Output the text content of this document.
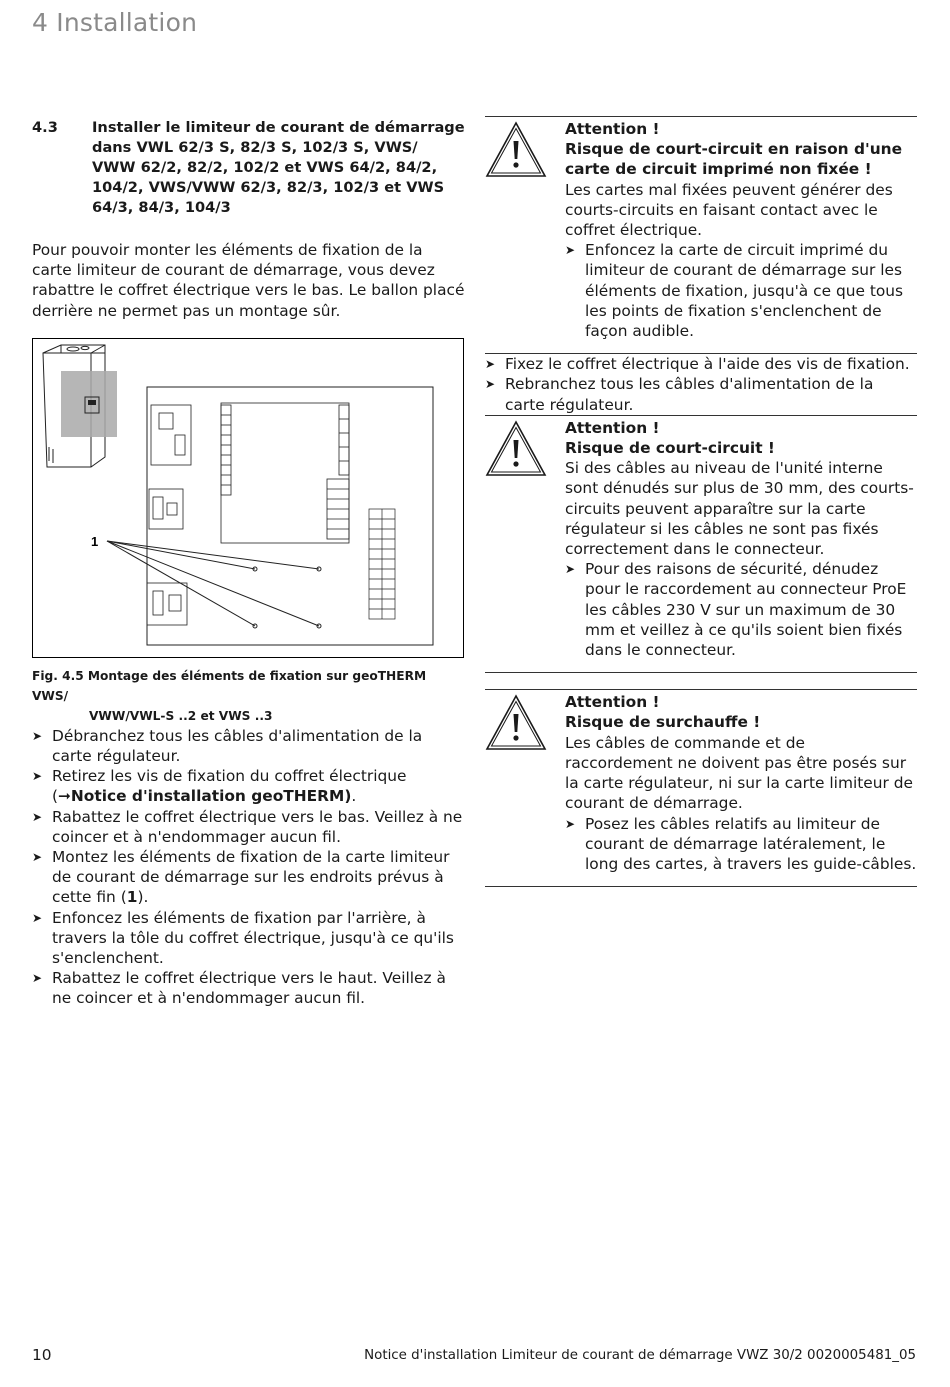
4 Installation
4.3	Installer le limiteur de courant de démarrage dans VWL 62/3 S, 82/3 S, 102/3 S, VWS/ VWW 62/2, 82/2, 102/2 et VWS 64/2, 84/2, 104/2, VWS/VWW 62/3, 82/3, 102/3 et VWS 64/3, 84/3, 104/3
Pour pouvoir monter les éléments de fixation de la carte limiteur de courant de démarrage, vous devez rabattre le coffret électrique vers le bas. Le ballon placé derrière ne permet pas un montage sûr.
1
Fig. 4.5 Montage des éléments de fixation sur geoTHERM VWS/
VWW/VWL-S ..2 et VWS ..3
➤ Débranchez tous les câbles d'alimentation de la carte régulateur.
➤ Retirez les vis de fixation du coffret électrique (➞Notice d'installation geoTHERM).
➤ Rabattez le coffret électrique vers le bas. Veillez à ne coincer et à n'endommager aucun fil.
➤ Montez les éléments de fixation de la carte limiteur de courant de démarrage sur les endroits prévus à cette fin (1).
➤ Enfoncez les éléments de fixation par l'arrière, à travers la tôle du coffret électrique, jusqu'à ce qu'ils s'enclenchent.
➤ Rabattez le coffret électrique vers le haut. Veillez à ne coincer et à n'endommager aucun fil.
Attention !
Risque de court-circuit en raison d'une carte de circuit imprimé non fixée !
Les cartes mal fixées peuvent générer des courts-circuits en faisant contact avec le coffret électrique.
➤ Enfoncez la carte de circuit imprimé du limiteur de courant de démarrage sur les éléments de fixation, jusqu'à ce que tous les points de fixation s'enclenchent de façon audible.
➤ Fixez le coffret électrique à l'aide des vis de fixation.
➤ Rebranchez tous les câbles d'alimentation de la carte régulateur.
Attention !
Risque de court-circuit !
Si des câbles au niveau de l'unité interne sont dénudés sur plus de 30 mm, des courts-circuits peuvent apparaître sur la carte régulateur si les câbles ne sont pas fixés correctement dans le connecteur.
➤ Pour des raisons de sécurité, dénudez pour le raccordement au connecteur ProE les câbles 230 V sur un maximum de 30 mm et veillez à ce qu'ils soient bien fixés dans le connecteur.
Attention !
Risque de surchauffe !
Les câbles de commande et de raccordement ne doivent pas être posés sur la carte régulateur, ni sur la carte limiteur de courant de démarrage.
➤ Posez les câbles relatifs au limiteur de courant de démarrage latéralement, le long des cartes, à travers les guide-câbles.
10	Notice d'installation Limiteur de courant de démarrage VWZ 30/2 0020005481_05
